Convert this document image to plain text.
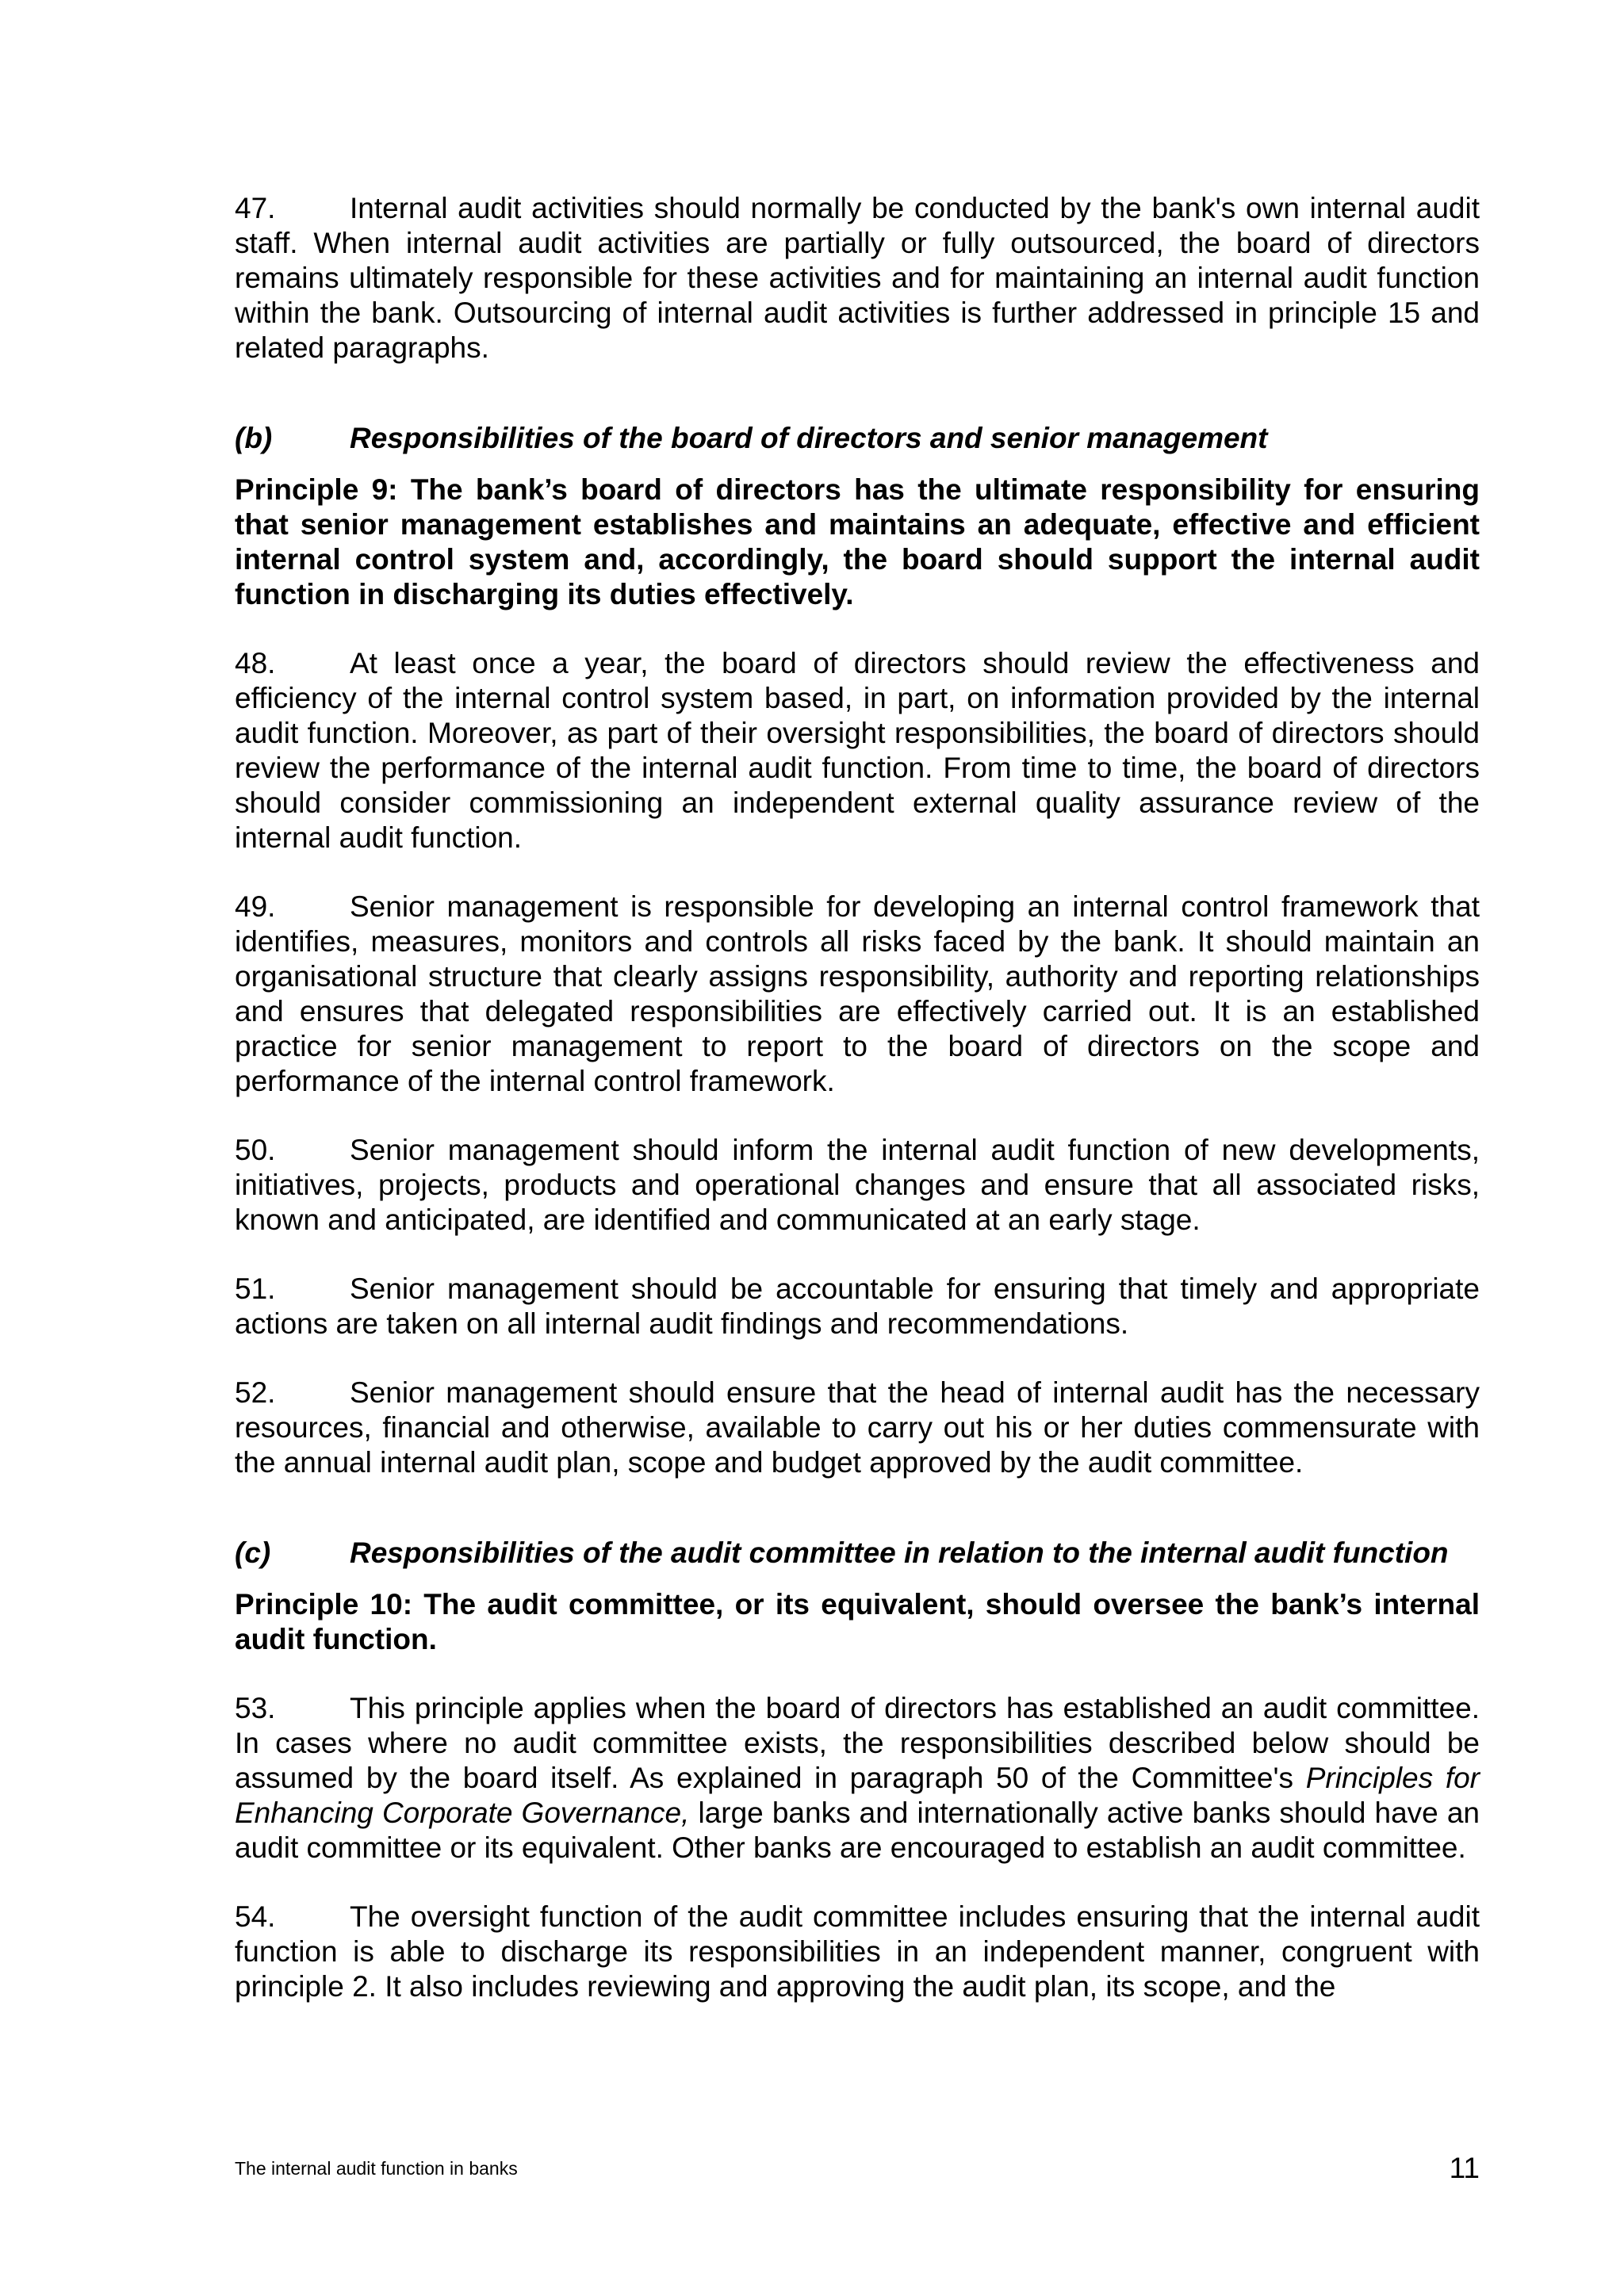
47.	Internal audit activities should normally be conducted by the bank's own internal audit staff. When internal audit activities are partially or fully outsourced, the board of directors remains ultimately responsible for these activities and for maintaining an internal audit function within the bank. Outsourcing of internal audit activities is further addressed in principle 15 and related paragraphs.

(b)	Responsibilities of the board of directors and senior management

Principle 9: The bank’s board of directors has the ultimate responsibility for ensuring that senior management establishes and maintains an adequate, effective and efficient internal control system and, accordingly, the board should support the internal audit function in discharging its duties effectively.

48.	At least once a year, the board of directors should review the effectiveness and efficiency of the internal control system based, in part, on information provided by the internal audit function. Moreover, as part of their oversight responsibilities, the board of directors should review the performance of the internal audit function. From time to time, the board of directors should consider commissioning an independent external quality assurance review of the internal audit function.

49.	Senior management is responsible for developing an internal control framework that identifies, measures, monitors and controls all risks faced by the bank. It should maintain an organisational structure that clearly assigns responsibility, authority and reporting relationships and ensures that delegated responsibilities are effectively carried out. It is an established practice for senior management to report to the board of directors on the scope and performance of the internal control framework.

50.	Senior management should inform the internal audit function of new developments, initiatives, projects, products and operational changes and ensure that all associated risks, known and anticipated, are identified and communicated at an early stage.

51.	Senior management should be accountable for ensuring that timely and appropriate actions are taken on all internal audit findings and recommendations.

52.	Senior management should ensure that the head of internal audit has the necessary resources, financial and otherwise, available to carry out his or her duties commensurate with the annual internal audit plan, scope and budget approved by the audit committee.

(c)	Responsibilities of the audit committee in relation to the internal audit function

Principle 10: The audit committee, or its equivalent, should oversee the bank’s internal audit function.

53.	This principle applies when the board of directors has established an audit committee. In cases where no audit committee exists, the responsibilities described below should be assumed by the board itself. As explained in paragraph 50 of the Committee's Principles for Enhancing Corporate Governance, large banks and internationally active banks should have an audit committee or its equivalent. Other banks are encouraged to establish an audit committee.

54.	The oversight function of the audit committee includes ensuring that the internal audit function is able to discharge its responsibilities in an independent manner, congruent with principle 2. It also includes reviewing and approving the audit plan, its scope, and the

The internal audit function in banks	11
